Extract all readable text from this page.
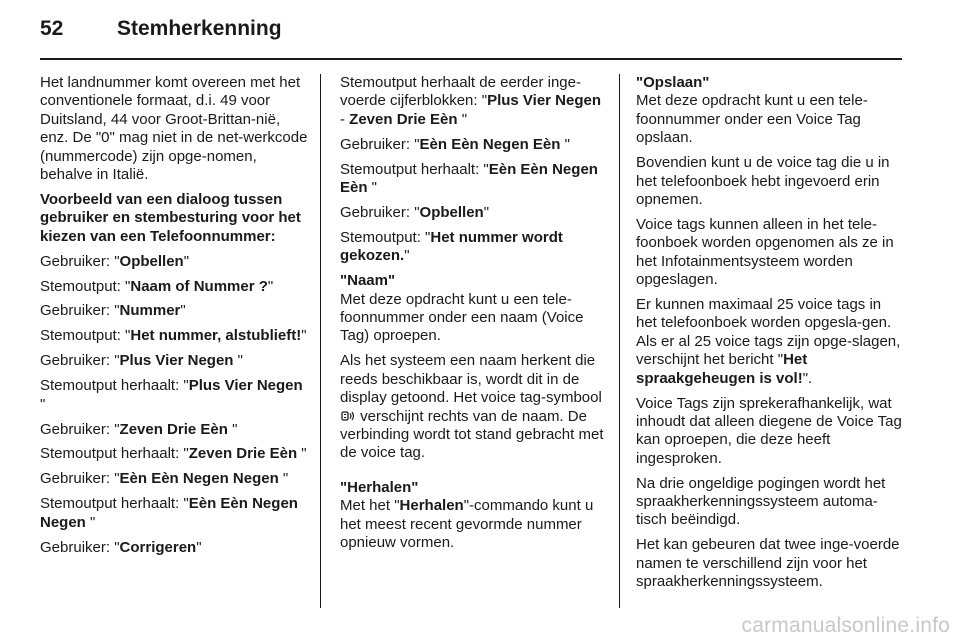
52	Stemherkenning

Het landnummer komt overeen met het conventionele formaat, d.i. 49 voor Duitsland, 44 voor Groot-Brittan-nië, enz. De "0" mag niet in de net-werkcode (nummercode) zijn opge-nomen, behalve in Italië.

Voorbeeld van een dialoog tussen gebruiker en stembesturing voor het kiezen van een Telefoonnummer:

Gebruiker: "Opbellen"

Stemoutput: "Naam of Nummer ?"

Gebruiker: "Nummer"

Stemoutput: "Het nummer, alstublieft!"

Gebruiker: "Plus Vier Negen "

Stemoutput herhaalt: "Plus Vier Negen "

Gebruiker: "Zeven Drie Eèn "

Stemoutput herhaalt: "Zeven Drie Eèn "

Gebruiker: "Eèn Eèn Negen Negen "

Stemoutput herhaalt: "Eèn Eèn Negen Negen "

Gebruiker: "Corrigeren"

Stemoutput herhaalt de eerder inge-voerde cijferblokken: "Plus Vier Negen - Zeven Drie Eèn "

Gebruiker: "Eèn Eèn Negen Eèn "

Stemoutput herhaalt: "Eèn Eèn Negen Eèn "

Gebruiker: "Opbellen"

Stemoutput: "Het nummer wordt gekozen."

"Naam"
Met deze opdracht kunt u een tele-foonnummer onder een naam (Voice Tag) oproepen.

Als het systeem een naam herkent die reeds beschikbaar is, wordt dit in de display getoond. Het voice tag-symbool  verschijnt rechts van de naam. De verbinding wordt tot stand gebracht met de voice tag.

"Herhalen"
Met het "Herhalen"-commando kunt u het meest recent gevormde nummer opnieuw vormen.

"Opslaan"
Met deze opdracht kunt u een tele-foonnummer onder een Voice Tag opslaan.

Bovendien kunt u de voice tag die u in het telefoonboek hebt ingevoerd erin opnemen.

Voice tags kunnen alleen in het tele-foonboek worden opgenomen als ze in het Infotainmentsysteem worden opgeslagen.

Er kunnen maximaal 25 voice tags in het telefoonboek worden opgesla-gen. Als er al 25 voice tags zijn opge-slagen, verschijnt het bericht "Het spraakgeheugen is vol!".

Voice Tags zijn sprekerafhankelijk, wat inhoudt dat alleen diegene de Voice Tag kan oproepen, die deze heeft ingesproken.

Na drie ongeldige pogingen wordt het spraakherkenningssysteem automa-tisch beëindigd.

Het kan gebeuren dat twee inge-voerde namen te verschillend zijn voor het spraakherkenningssysteem.

carmanualsonline.info
